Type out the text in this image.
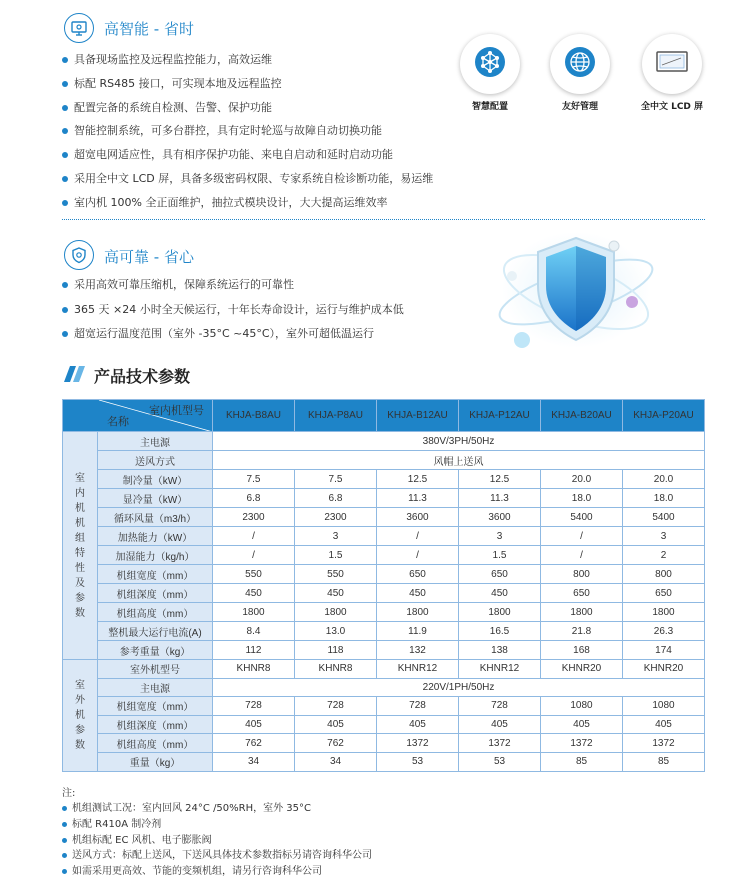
高智能 - 省时
具备现场监控及远程监控能力，高效运维
标配 RS485 接口，可实现本地及远程监控
配置完备的系统自检测、告警、保护功能
智能控制系统，可多台群控，具有定时轮巡与故障自动切换功能
超宽电网适应性，具有相序保护功能、来电自启动和延时启动功能
采用全中文 LCD 屏，具备多级密码权限、专家系统自检诊断功能，易运维
室内机 100% 全正面维护，抽拉式模块设计，大大提高运维效率
智慧配置	友好管理	全中文 LCD 屏
高可靠 - 省心
采用高效可靠压缩机，保障系统运行的可靠性
365 天 ×24 小时全天候运行，十年长寿命设计，运行与维护成本低
超宽运行温度范围（室外 -35°C ~45°C），室外可超低温运行
产品技术参数
室内机型号
名称		KHJA-B8AU	KHJA-P8AU	KHJA-B12AU	KHJA-P12AU	KHJA-B20AU	KHJA-P20AU
室内机机组特性及参数	主电源	380V/3PH/50Hz					
	送风方式	风帽上送风					
	制冷量（kW）	7.5	7.5	12.5	12.5	20.0	20.0
	显冷量（kW）	6.8	6.8	11.3	11.3	18.0	18.0
	循环风量（m3/h）	2300	2300	3600	3600	5400	5400
	加热能力（kW）	/	3	/	3	/	3
	加湿能力（kg/h）	/	1.5	/	1.5	/	2
	机组宽度（mm）	550	550	650	650	800	800
	机组深度（mm）	450	450	450	450	650	650
	机组高度（mm）	1800	1800	1800	1800	1800	1800
	整机最大运行电流(A)	8.4	13.0	11.9	16.5	21.8	26.3
	参考重量（kg）	112	118	132	138	168	174
室外机参数	室外机型号	KHNR8	KHNR8	KHNR12	KHNR12	KHNR20	KHNR20
	主电源	220V/1PH/50Hz					
	机组宽度（mm）	728	728	728	728	1080	1080
	机组深度（mm）	405	405	405	405	405	405
	机组高度（mm）	762	762	1372	1372	1372	1372
	重量（kg）	34	34	53	53	85	85
注:
机组测试工况：室内回风 24°C /50%RH，室外 35°C
标配 R410A 制冷剂
机组标配 EC 风机、电子膨胀阀
送风方式：标配上送风，下送风具体技术参数指标另请咨询科华公司
如需采用更高效、节能的变频机组，请另行咨询科华公司
